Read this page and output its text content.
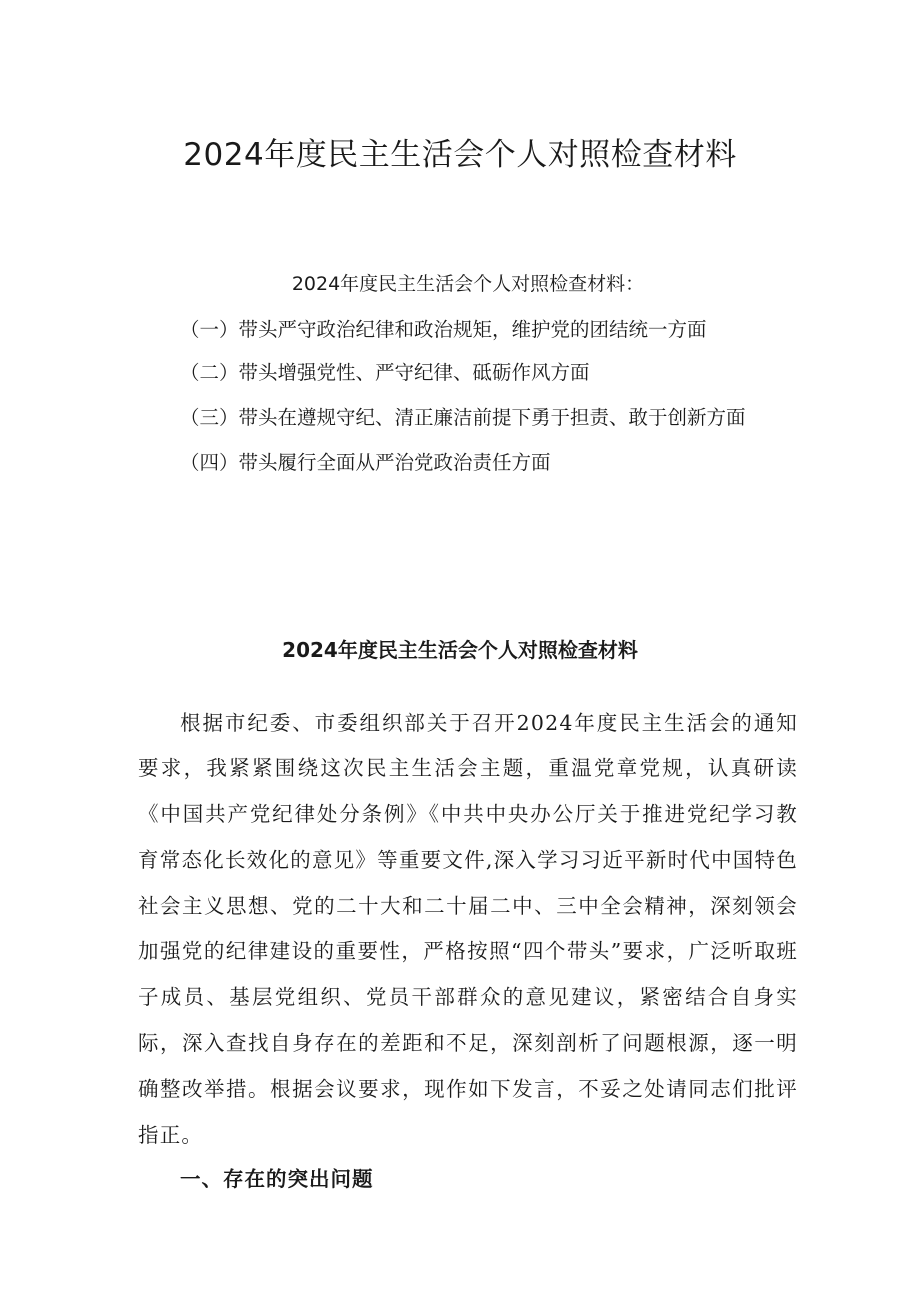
2024年度民主生活会个人对照检查材料
2024年度民主生活会个人对照检查材料：
（一）带头严守政治纪律和政治规矩，维护党的团结统一方面
（二）带头增强党性、严守纪律、砥砺作风方面
（三）带头在遵规守纪、清正廉洁前提下勇于担责、敢于创新方面
（四）带头履行全面从严治党政治责任方面
2024年度民主生活会个人对照检查材料

根据市纪委、市委组织部关于召开2024年度民主生活会的通知要求，我紧紧围绕这次民主生活会主题，重温党章党规，认真研读《中国共产党纪律处分条例》《中共中央办公厅关于推进党纪学习教育常态化长效化的意见》等重要文件,深入学习习近平新时代中国特色社会主义思想、党的二十大和二十届二中、三中全会精神，深刻领会加强党的纪律建设的重要性，严格按照“四个带头”要求，广泛听取班子成员、基层党组织、党员干部群众的意见建议，紧密结合自身实际，深入查找自身存在的差距和不足，深刻剖析了问题根源，逐一明确整改举措。根据会议要求，现作如下发言，不妥之处请同志们批评指正。

一、存在的突出问题
